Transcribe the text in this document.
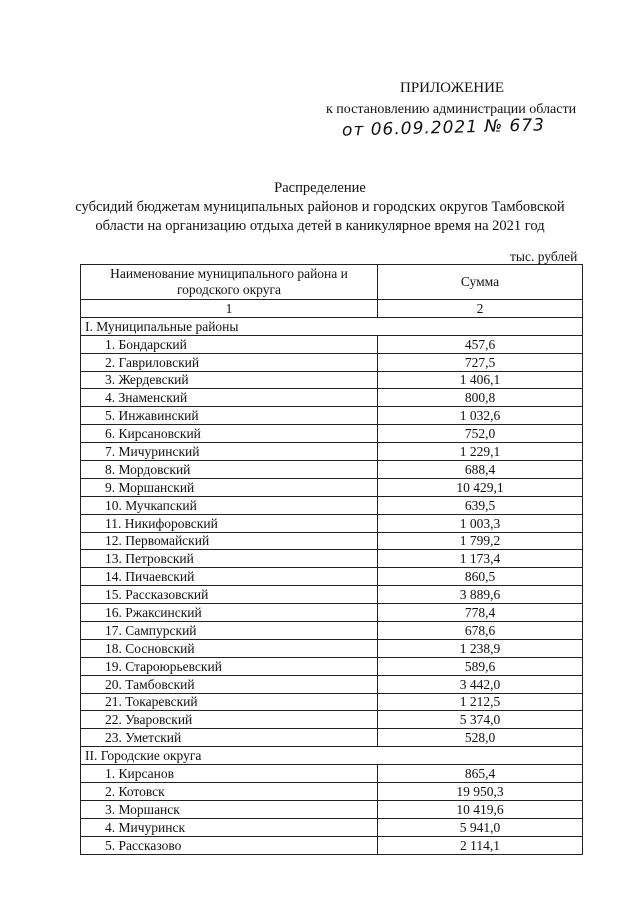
ПРИЛОЖЕНИЕ
к постановлению администрации области
от 06.09.2021 № 673
Распределение
субсидий бюджетам муниципальных районов и городских округов Тамбовской
области на организацию отдыха детей в каникулярное время на 2021 год
тыс. рублей
Наименование муниципального района и городского округа	Сумма
1	2
I. Муниципальные районы	
1. Бондарский	457,6
2. Гавриловский	727,5
3. Жердевский	1 406,1
4. Знаменский	800,8
5. Инжавинский	1 032,6
6. Кирсановский	752,0
7. Мичуринский	1 229,1
8. Мордовский	688,4
9. Моршанский	10 429,1
10. Мучкапский	639,5
11. Никифоровский	1 003,3
12. Первомайский	1 799,2
13. Петровский	1 173,4
14. Пичаевский	860,5
15. Рассказовский	3 889,6
16. Ржаксинский	778,4
17. Сампурский	678,6
18. Сосновский	1 238,9
19. Староюрьевский	589,6
20. Тамбовский	3 442,0
21. Токаревский	1 212,5
22. Уваровский	5 374,0
23. Уметский	528,0
II. Городские округа	
1. Кирсанов	865,4
2. Котовск	19 950,3
3. Моршанск	10 419,6
4. Мичуринск	5 941,0
5. Рассказово	2 114,1
